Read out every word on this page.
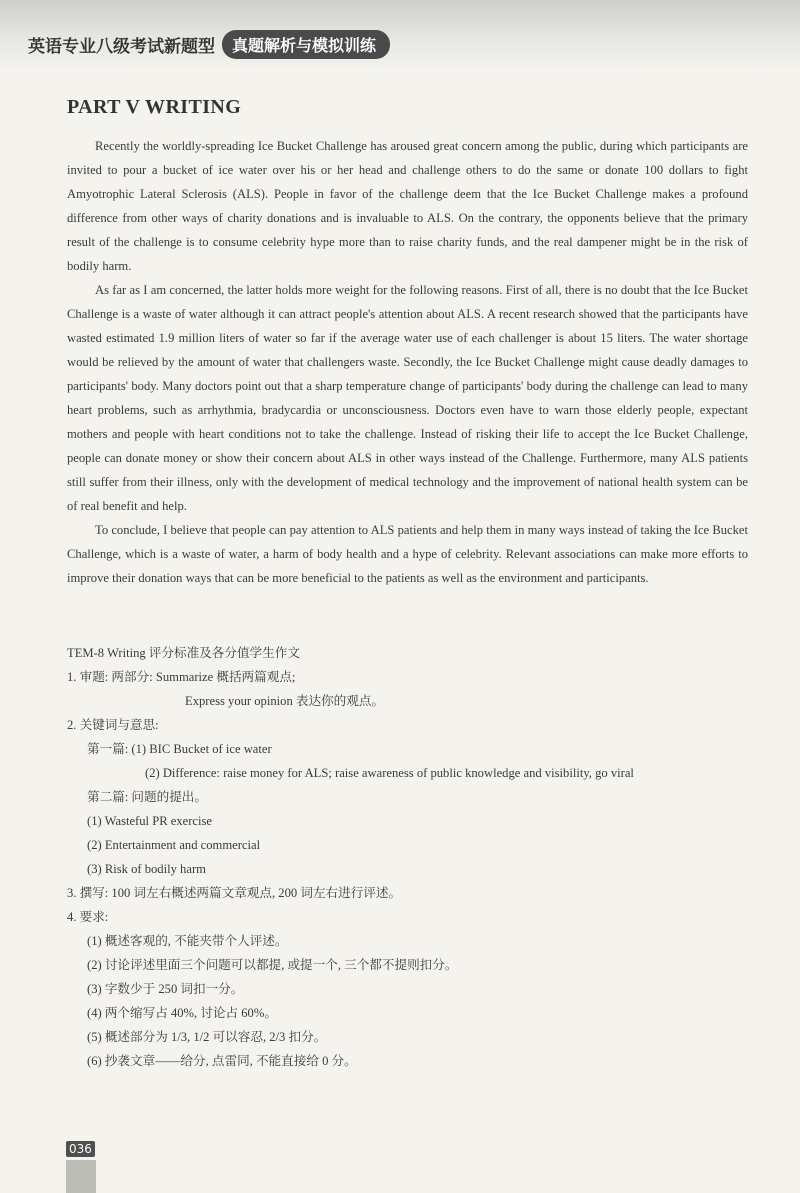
英语专业八级考试新题型	真题解析与模拟训练
PART V WRITING

Recently the worldly-spreading Ice Bucket Challenge has aroused great concern among the public, during which participants are invited to pour a bucket of ice water over his or her head and challenge others to do the same or donate 100 dollars to fight Amyotrophic Lateral Sclerosis (ALS). People in favor of the challenge deem that the Ice Bucket Challenge makes a profound difference from other ways of charity donations and is invaluable to ALS. On the contrary, the opponents believe that the primary result of the challenge is to consume celebrity hype more than to raise charity funds, and the real dampener might be in the risk of bodily harm.

As far as I am concerned, the latter holds more weight for the following reasons. First of all, there is no doubt that the Ice Bucket Challenge is a waste of water although it can attract people's attention about ALS. A recent research showed that the participants have wasted estimated 1.9 million liters of water so far if the average water use of each challenger is about 15 liters. The water shortage would be relieved by the amount of water that challengers waste. Secondly, the Ice Bucket Challenge might cause deadly damages to participants' body. Many doctors point out that a sharp temperature change of participants' body during the challenge can lead to many heart problems, such as arrhythmia, bradycardia or unconsciousness. Doctors even have to warn those elderly people, expectant mothers and people with heart conditions not to take the challenge. Instead of risking their life to accept the Ice Bucket Challenge, people can donate money or show their concern about ALS in other ways instead of the Challenge. Furthermore, many ALS patients still suffer from their illness, only with the development of medical technology and the improvement of national health system can be of real benefit and help.

To conclude, I believe that people can pay attention to ALS patients and help them in many ways instead of taking the Ice Bucket Challenge, which is a waste of water, a harm of body health and a hype of celebrity. Relevant associations can make more efforts to improve their donation ways that can be more beneficial to the patients as well as the environment and participants.

TEM-8 Writing 评分标准及各分值学生作文
1. 审题: 两部分: Summarize 概括两篇观点;
Express your opinion 表达你的观点。
2. 关键词与意思:
第一篇: (1) BIC Bucket of ice water
(2) Difference: raise money for ALS; raise awareness of public knowledge and visibility, go viral
第二篇: 问题的提出。
(1) Wasteful PR exercise
(2) Entertainment and commercial
(3) Risk of bodily harm
3. 撰写: 100 词左右概述两篇文章观点, 200 词左右进行评述。
4. 要求:
(1) 概述客观的, 不能夹带个人评述。
(2) 讨论评述里面三个问题可以都提, 或提一个, 三个都不提则扣分。
(3) 字数少于 250 词扣一分。
(4) 两个缩写占 40%, 讨论占 60%。
(5) 概述部分为 1/3, 1/2 可以容忍, 2/3 扣分。
(6) 抄袭文章——给分, 点雷同, 不能直接给 0 分。
036
